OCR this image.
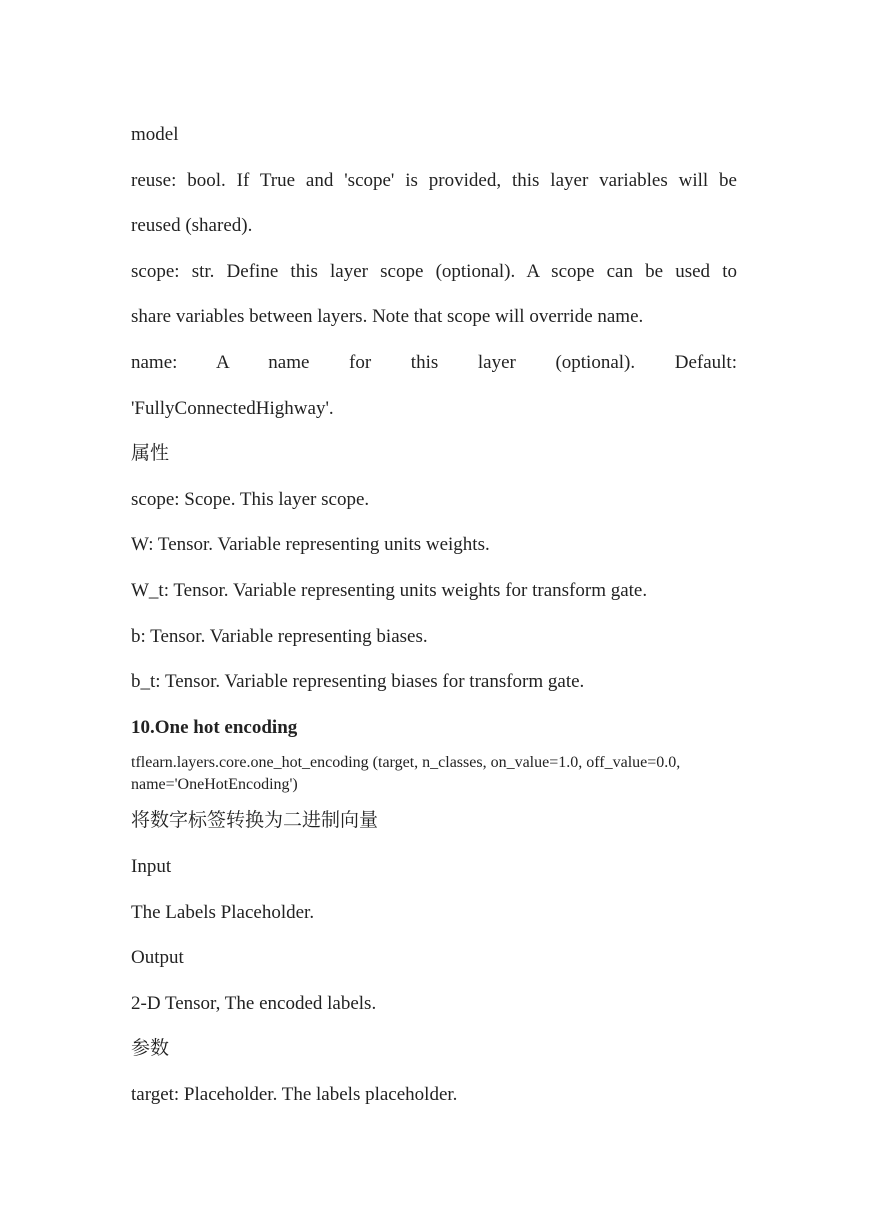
model

reuse: bool. If True and 'scope' is provided, this layer variables will be

reused (shared).

scope: str. Define this layer scope (optional). A scope can be used to

share variables between layers. Note that scope will override name.

name: A name for this layer (optional). Default:

'FullyConnectedHighway'.

属性

scope: Scope. This layer scope.

W: Tensor. Variable representing units weights.

W_t: Tensor. Variable representing units weights for transform gate.

b: Tensor. Variable representing biases.

b_t: Tensor. Variable representing biases for transform gate.

10.One hot encoding

tflearn.layers.core.one_hot_encoding (target, n_classes, on_value=1.0, off_value=0.0, name='OneHotEncoding')

将数字标签转换为二进制向量

Input

The Labels Placeholder.

Output

2-D Tensor, The encoded labels.

参数

target: Placeholder. The labels placeholder.
